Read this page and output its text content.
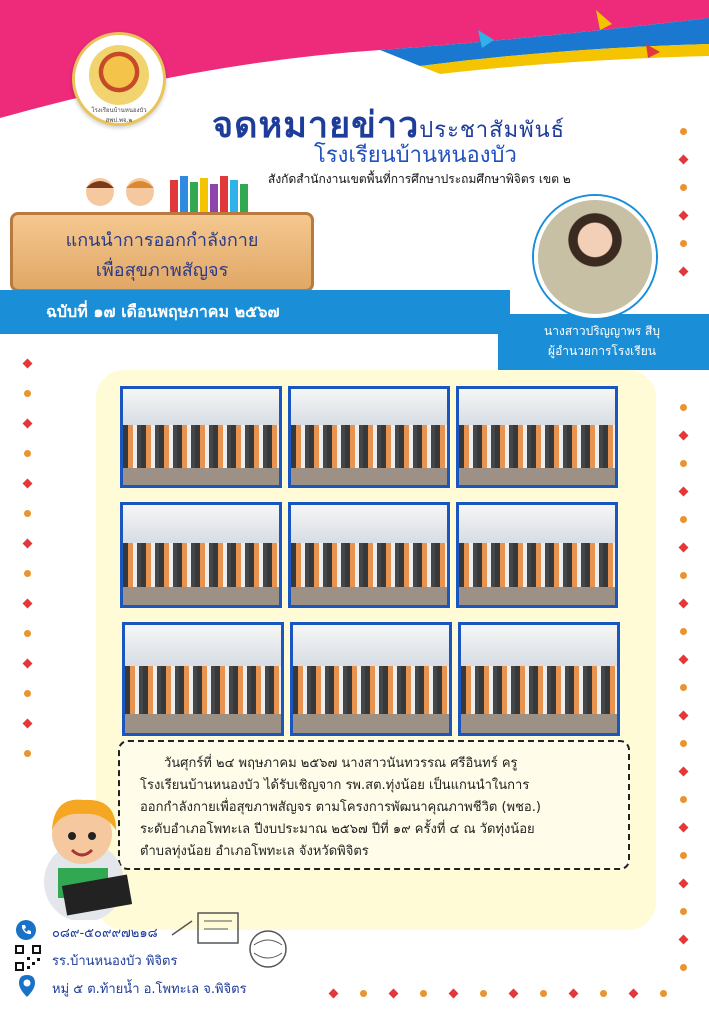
โรงเรียนบ้านหนองบัว สพป.พจ.๒	จดหมายข่าวประชาสัมพันธ์
โรงเรียนบ้านหนองบัว
สังกัดสำนักงานเขตพื้นที่การศึกษาประถมศึกษาพิจิตร เขต ๒
แกนนำการออกกำลังกาย
เพื่อสุขภาพสัญจร
ฉบับที่ ๑๗ เดือนพฤษภาคม ๒๕๖๗
นางสาวปริญญาพร สีบุ
ผู้อำนวยการโรงเรียน
วันศุกร์ที่ ๒๔ พฤษภาคม ๒๕๖๗ นางสาวนันทวรรณ ศรีอินทร์ ครู
โรงเรียนบ้านหนองบัว ได้รับเชิญจาก รพ.สต.ทุ่งน้อย เป็นแกนนำในการ
ออกกำลังกายเพื่อสุขภาพสัญจร ตามโครงการพัฒนาคุณภาพชีวิต (พชอ.)
ระดับอำเภอโพทะเล ปีงบประมาณ ๒๕๖๗ ปีที่ ๑๙ ครั้งที่ ๔ ณ วัดทุ่งน้อย
ตำบลทุ่งน้อย อำเภอโพทะเล จังหวัดพิจิตร
๐๘๙-๕๐๙๙๗๒๑๘
รร.บ้านหนองบัว พิจิตร
หมู่ ๕ ต.ท้ายน้ำ อ.โพทะเล จ.พิจิตร
